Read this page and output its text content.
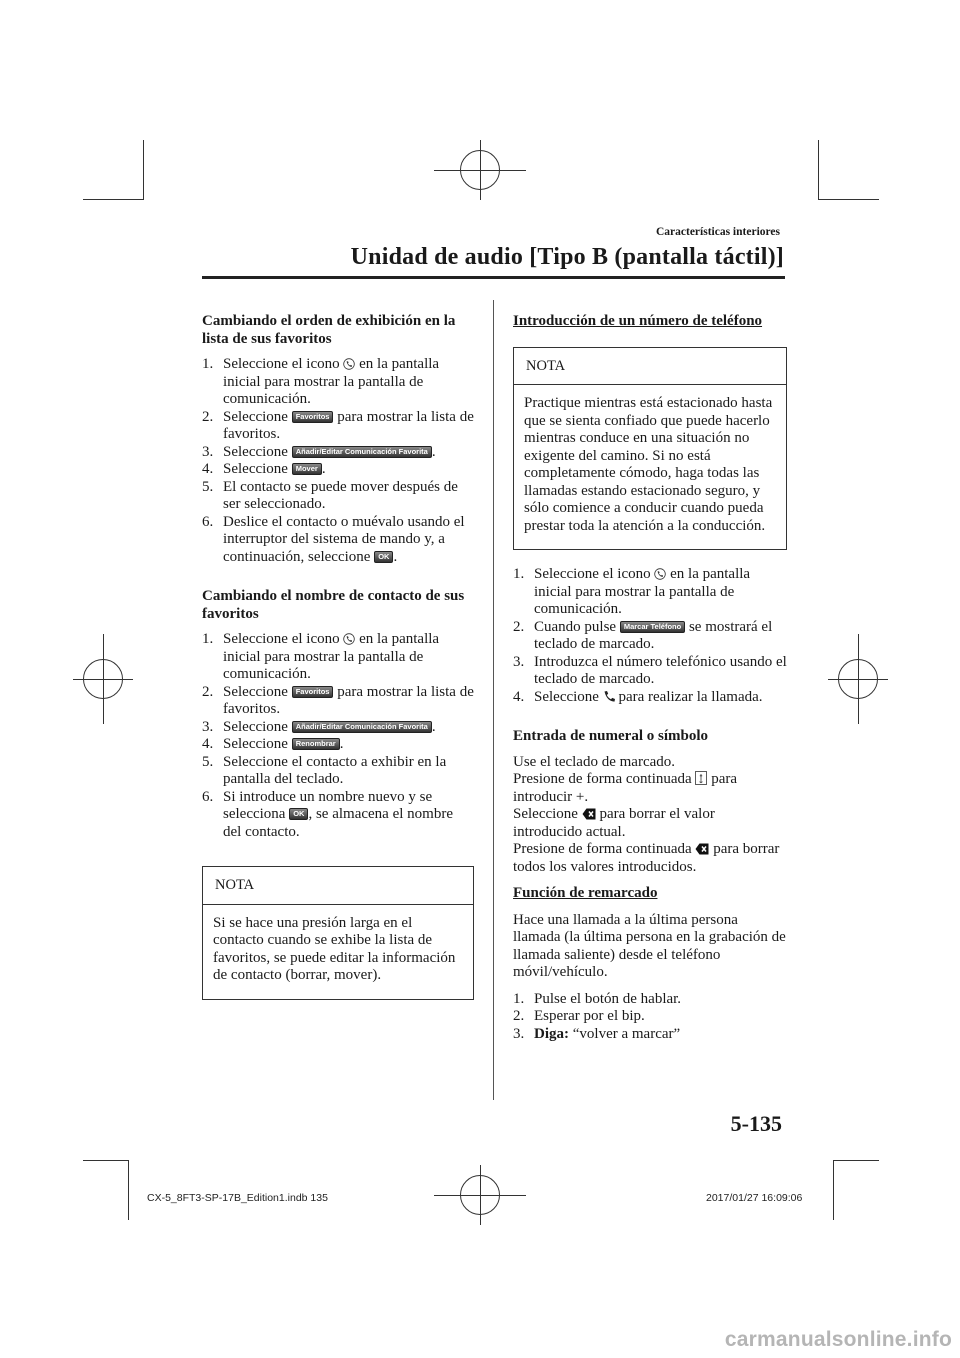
Características interiores
Unidad de audio [Tipo B (pantalla táctil)]
Cambiando el orden de exhibición en la lista de sus favoritos
1. Seleccione el icono  en la pantalla inicial para mostrar la pantalla de comunicación.
2. Seleccione Favoritos para mostrar la lista de favoritos.
3. Seleccione Añadir/Editar Comunicación Favorita .
4. Seleccione Mover .
5. El contacto se puede mover después de ser seleccionado.
6. Deslice el contacto o muévalo usando el interruptor del sistema de mando y, a continuación, seleccione OK .
Cambiando el nombre de contacto de sus favoritos
1. Seleccione el icono  en la pantalla inicial para mostrar la pantalla de comunicación.
2. Seleccione Favoritos para mostrar la lista de favoritos.
3. Seleccione Añadir/Editar Comunicación Favorita .
4. Seleccione Renombrar .
5. Seleccione el contacto a exhibir en la pantalla del teclado.
6. Si introduce un nombre nuevo y se selecciona OK , se almacena el nombre del contacto.
NOTA

Si se hace una presión larga en el contacto cuando se exhibe la lista de favoritos, se puede editar la información de contacto (borrar, mover).

Introducción de un número de teléfono
NOTA

Practique mientras está estacionado hasta que se sienta confiado que puede hacerlo mientras conduce en una situación no exigente del camino. Si no está completamente cómodo, haga todas las llamadas estando estacionado seguro, y sólo comience a conducir cuando pueda prestar toda la atención a la conducción.

1. Seleccione el icono  en la pantalla inicial para mostrar la pantalla de comunicación.
2. Cuando pulse Marcar Teléfono se mostrará el teclado de marcado.
3. Introduzca el número telefónico usando el teclado de marcado.
4. Seleccione  para realizar la llamada.
Entrada de numeral o símbolo

Use el teclado de marcado.

Presione de forma continuada  para introducir +.

Seleccione  para borrar el valor introducido actual.

Presione de forma continuada  para borrar todos los valores introducidos.

Función de remarcado

Hace una llamada a la última persona llamada (la última persona en la grabación de llamada saliente) desde el teléfono móvil/vehículo.

1. Pulse el botón de hablar.
2. Esperar por el bip.
3. Diga: “volver a marcar”
5-135
CX-5_8FT3-SP-17B_Edition1.indb 135	2017/01/27 16:09:06
carmanualsonline.info
